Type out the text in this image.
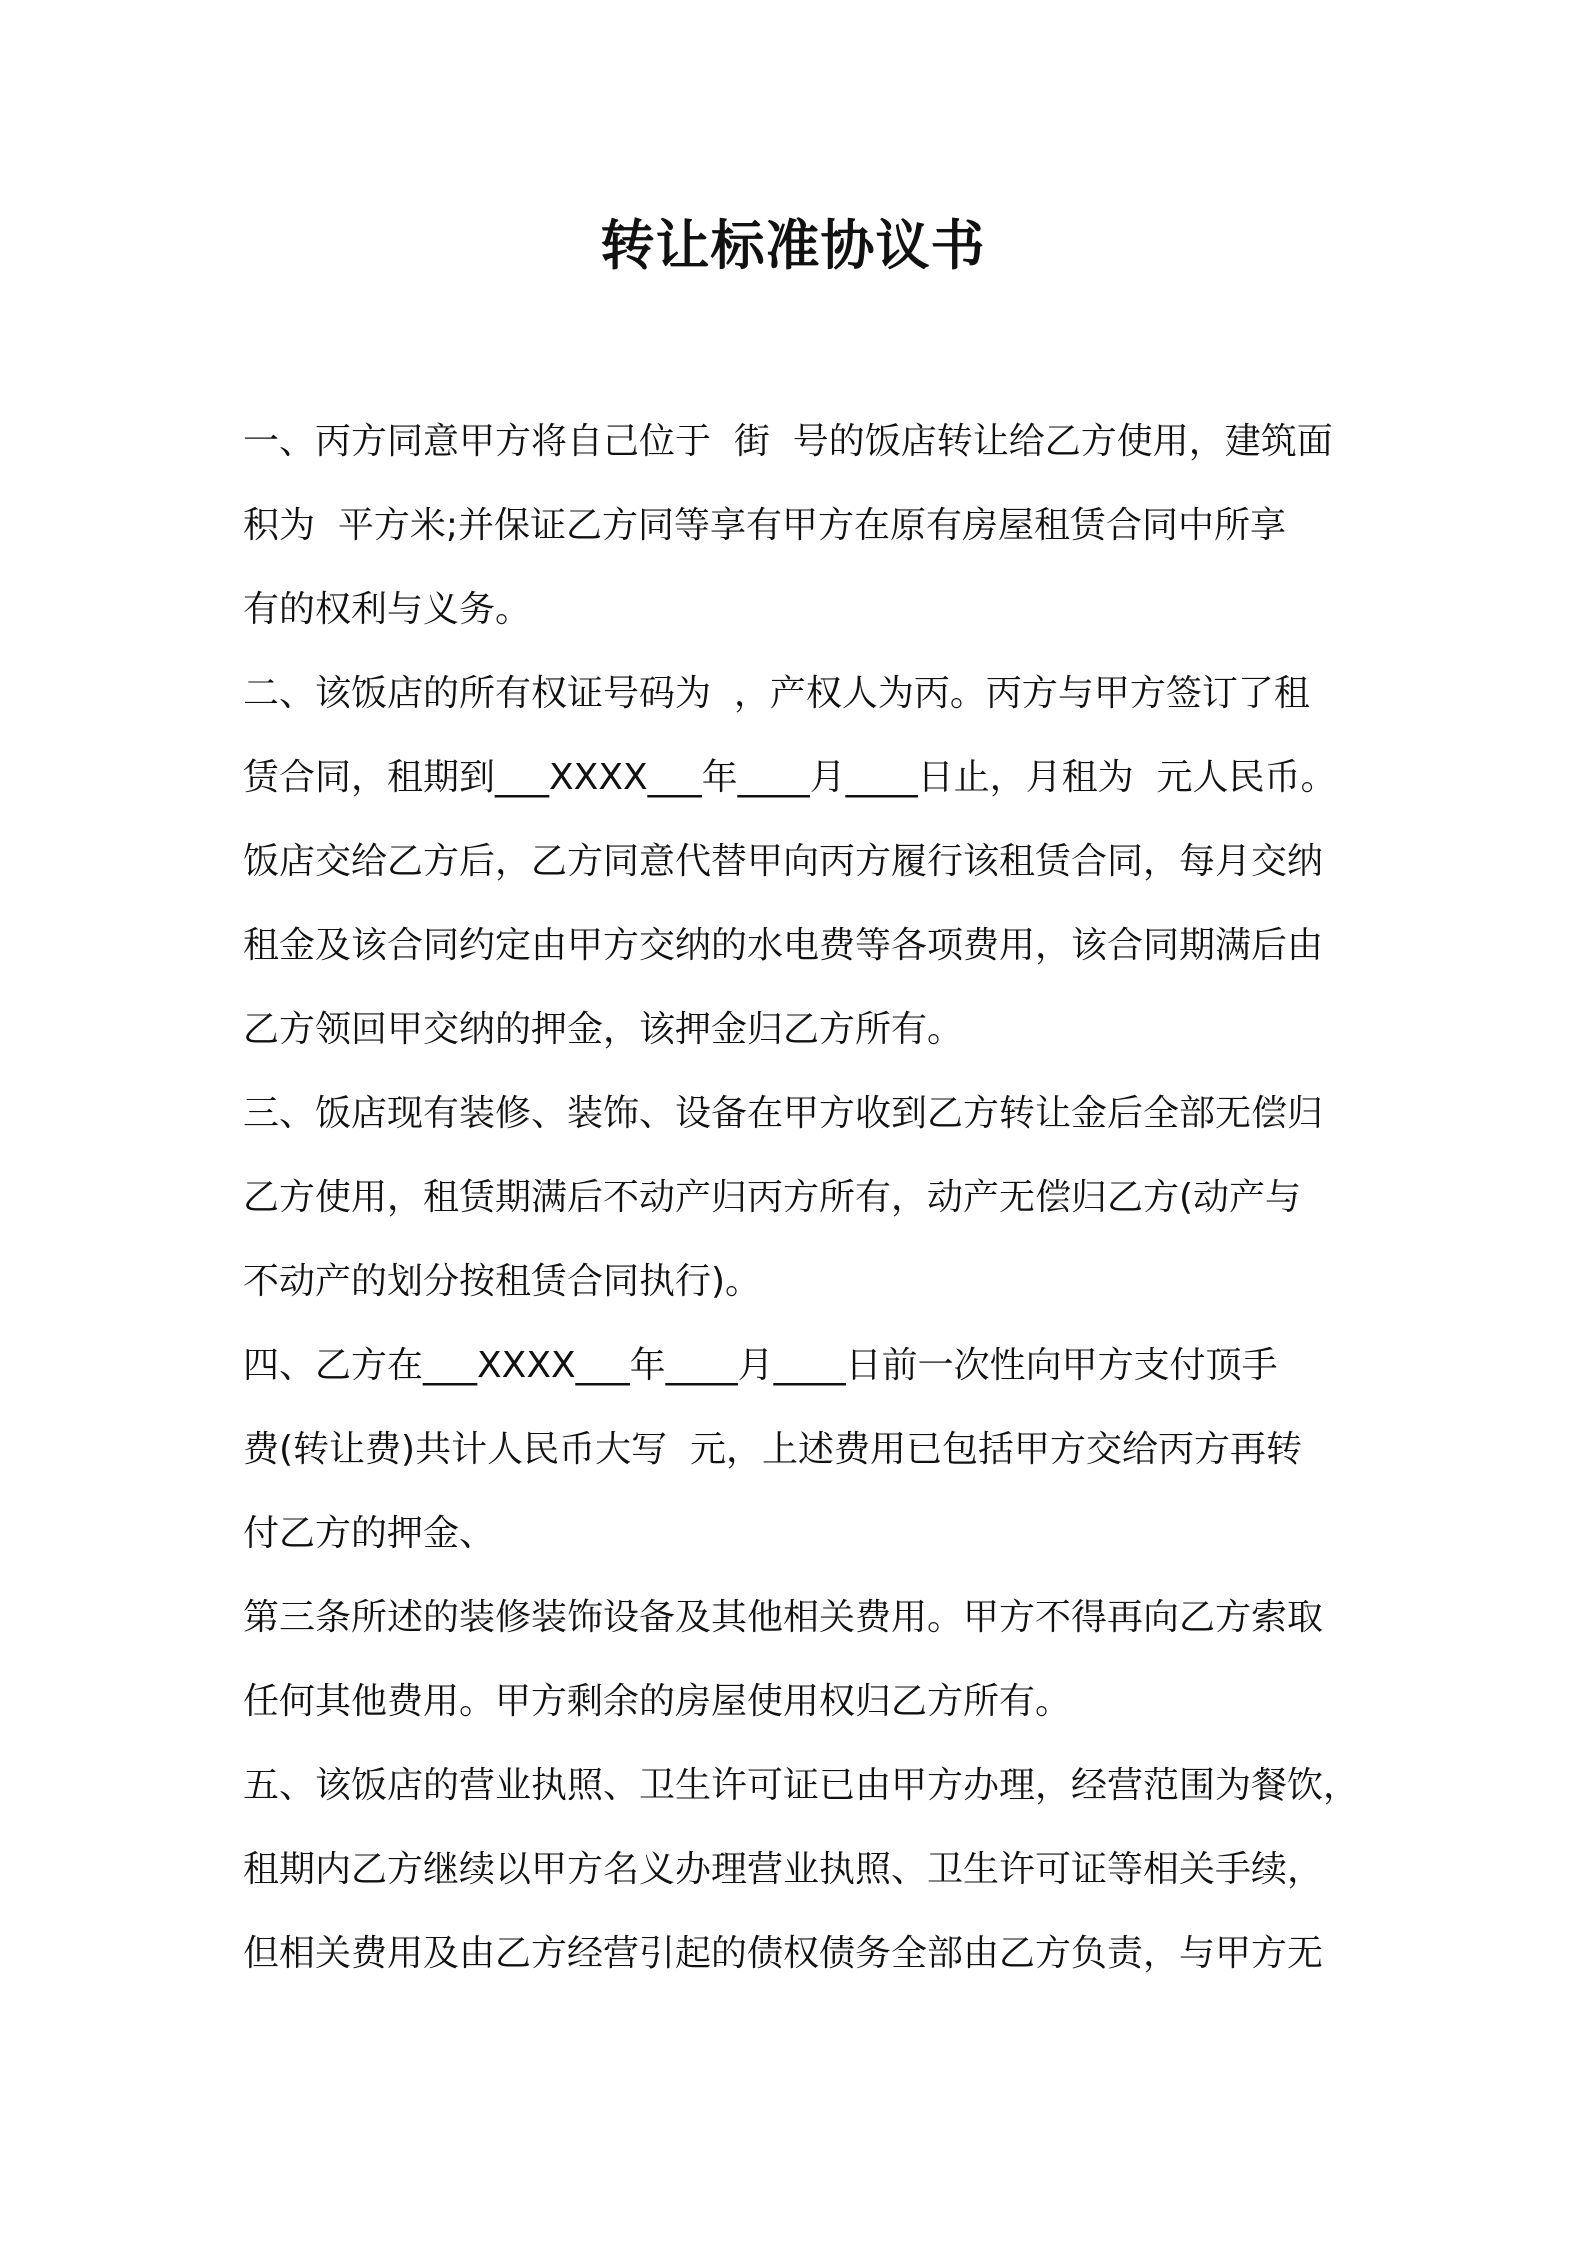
转让标准协议书
一、丙方同意甲方将自己位于  街  号的饭店转让给乙方使用，建筑面
积为  平方米;并保证乙方同等享有甲方在原有房屋租赁合同中所享
有的权利与义务。
二、该饭店的所有权证号码为  ，产权人为丙。丙方与甲方签订了租
赁合同，租期到___XXXX___年____月____日止，月租为  元人民币。
饭店交给乙方后，乙方同意代替甲向丙方履行该租赁合同，每月交纳
租金及该合同约定由甲方交纳的水电费等各项费用，该合同期满后由
乙方领回甲交纳的押金，该押金归乙方所有。
三、饭店现有装修、装饰、设备在甲方收到乙方转让金后全部无偿归
乙方使用，租赁期满后不动产归丙方所有，动产无偿归乙方(动产与
不动产的划分按租赁合同执行)。
四、乙方在___XXXX___年____月____日前一次性向甲方支付顶手
费(转让费)共计人民币大写  元，上述费用已包括甲方交给丙方再转
付乙方的押金、
第三条所述的装修装饰设备及其他相关费用。甲方不得再向乙方索取
任何其他费用。甲方剩余的房屋使用权归乙方所有。
五、该饭店的营业执照、卫生许可证已由甲方办理，经营范围为餐饮，
租期内乙方继续以甲方名义办理营业执照、卫生许可证等相关手续，
但相关费用及由乙方经营引起的债权债务全部由乙方负责，与甲方无
